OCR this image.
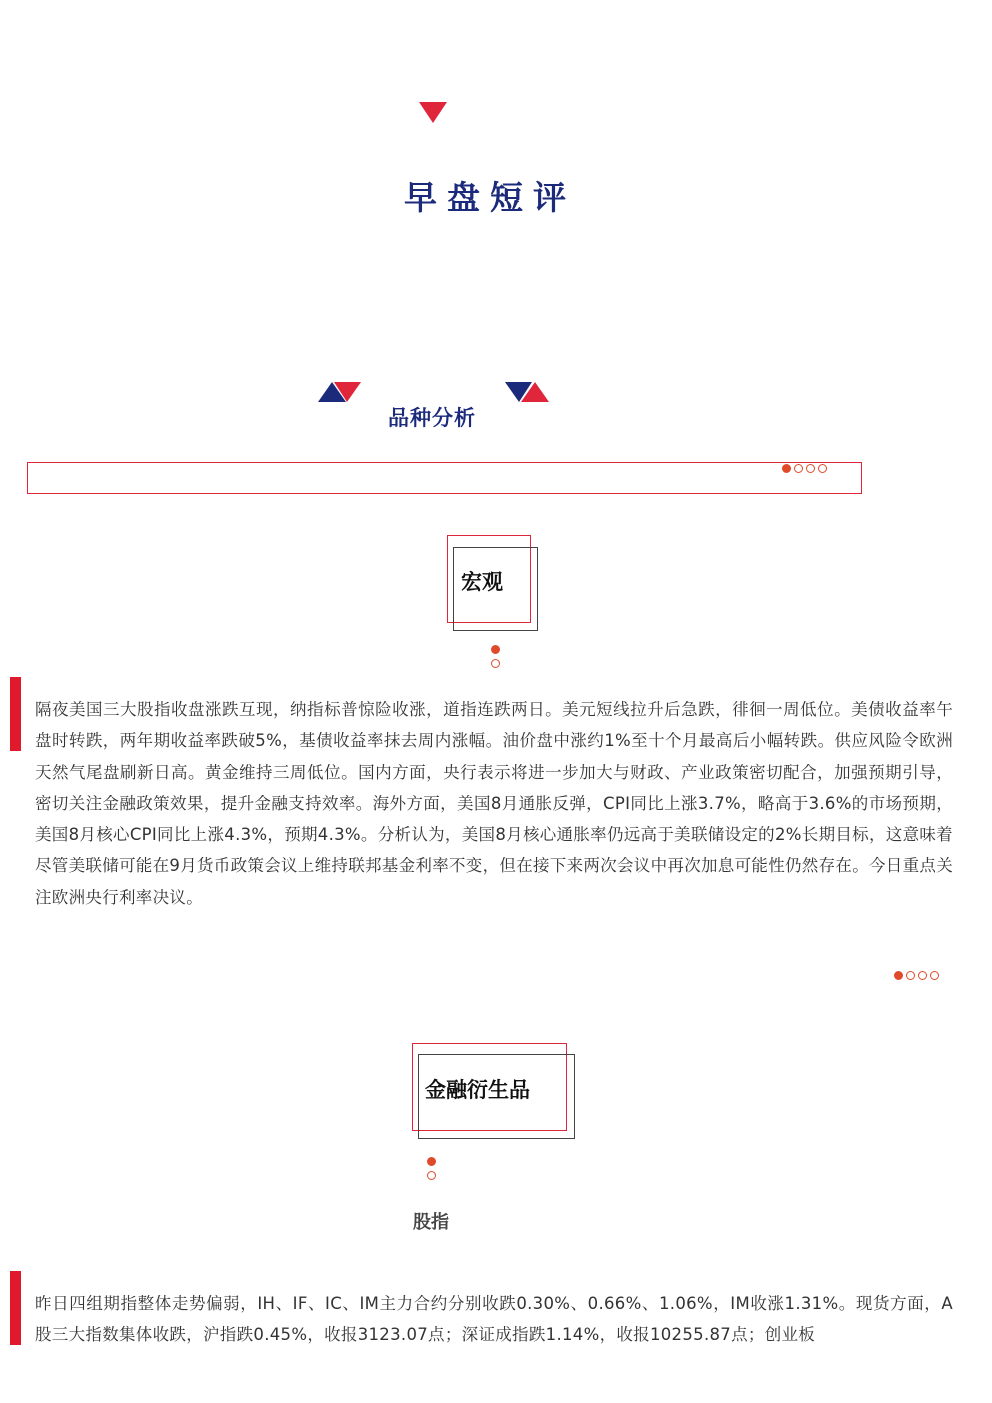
早盘短评
品种分析
宏观
隔夜美国三大股指收盘涨跌互现，纳指标普惊险收涨，道指连跌两日。美元短线拉升后急跌，徘徊一周低位。美债收益率午盘时转跌，两年期收益率跌破5%，基债收益率抹去周内涨幅。油价盘中涨约1%至十个月最高后小幅转跌。供应风险令欧洲天然气尾盘刷新日高。黄金维持三周低位。国内方面，央行表示将进一步加大与财政、产业政策密切配合，加强预期引导，密切关注金融政策效果，提升金融支持效率。海外方面，美国8月通胀反弹，CPI同比上涨3.7%，略高于3.6%的市场预期，美国8月核心CPI同比上涨4.3%，预期4.3%。分析认为，美国8月核心通胀率仍远高于美联储设定的2%长期目标，这意味着尽管美联储可能在9月货币政策会议上维持联邦基金利率不变，但在接下来两次会议中再次加息可能性仍然存在。今日重点关注欧洲央行利率决议。
金融衍生品
股指
昨日四组期指整体走势偏弱，IH、IF、IC、IM主力合约分别收跌0.30%、0.66%、1.06%，IM收涨1.31%。现货方面，A股三大指数集体收跌，沪指跌0.45%，收报3123.07点；深证成指跌1.14%，收报10255.87点；创业板
